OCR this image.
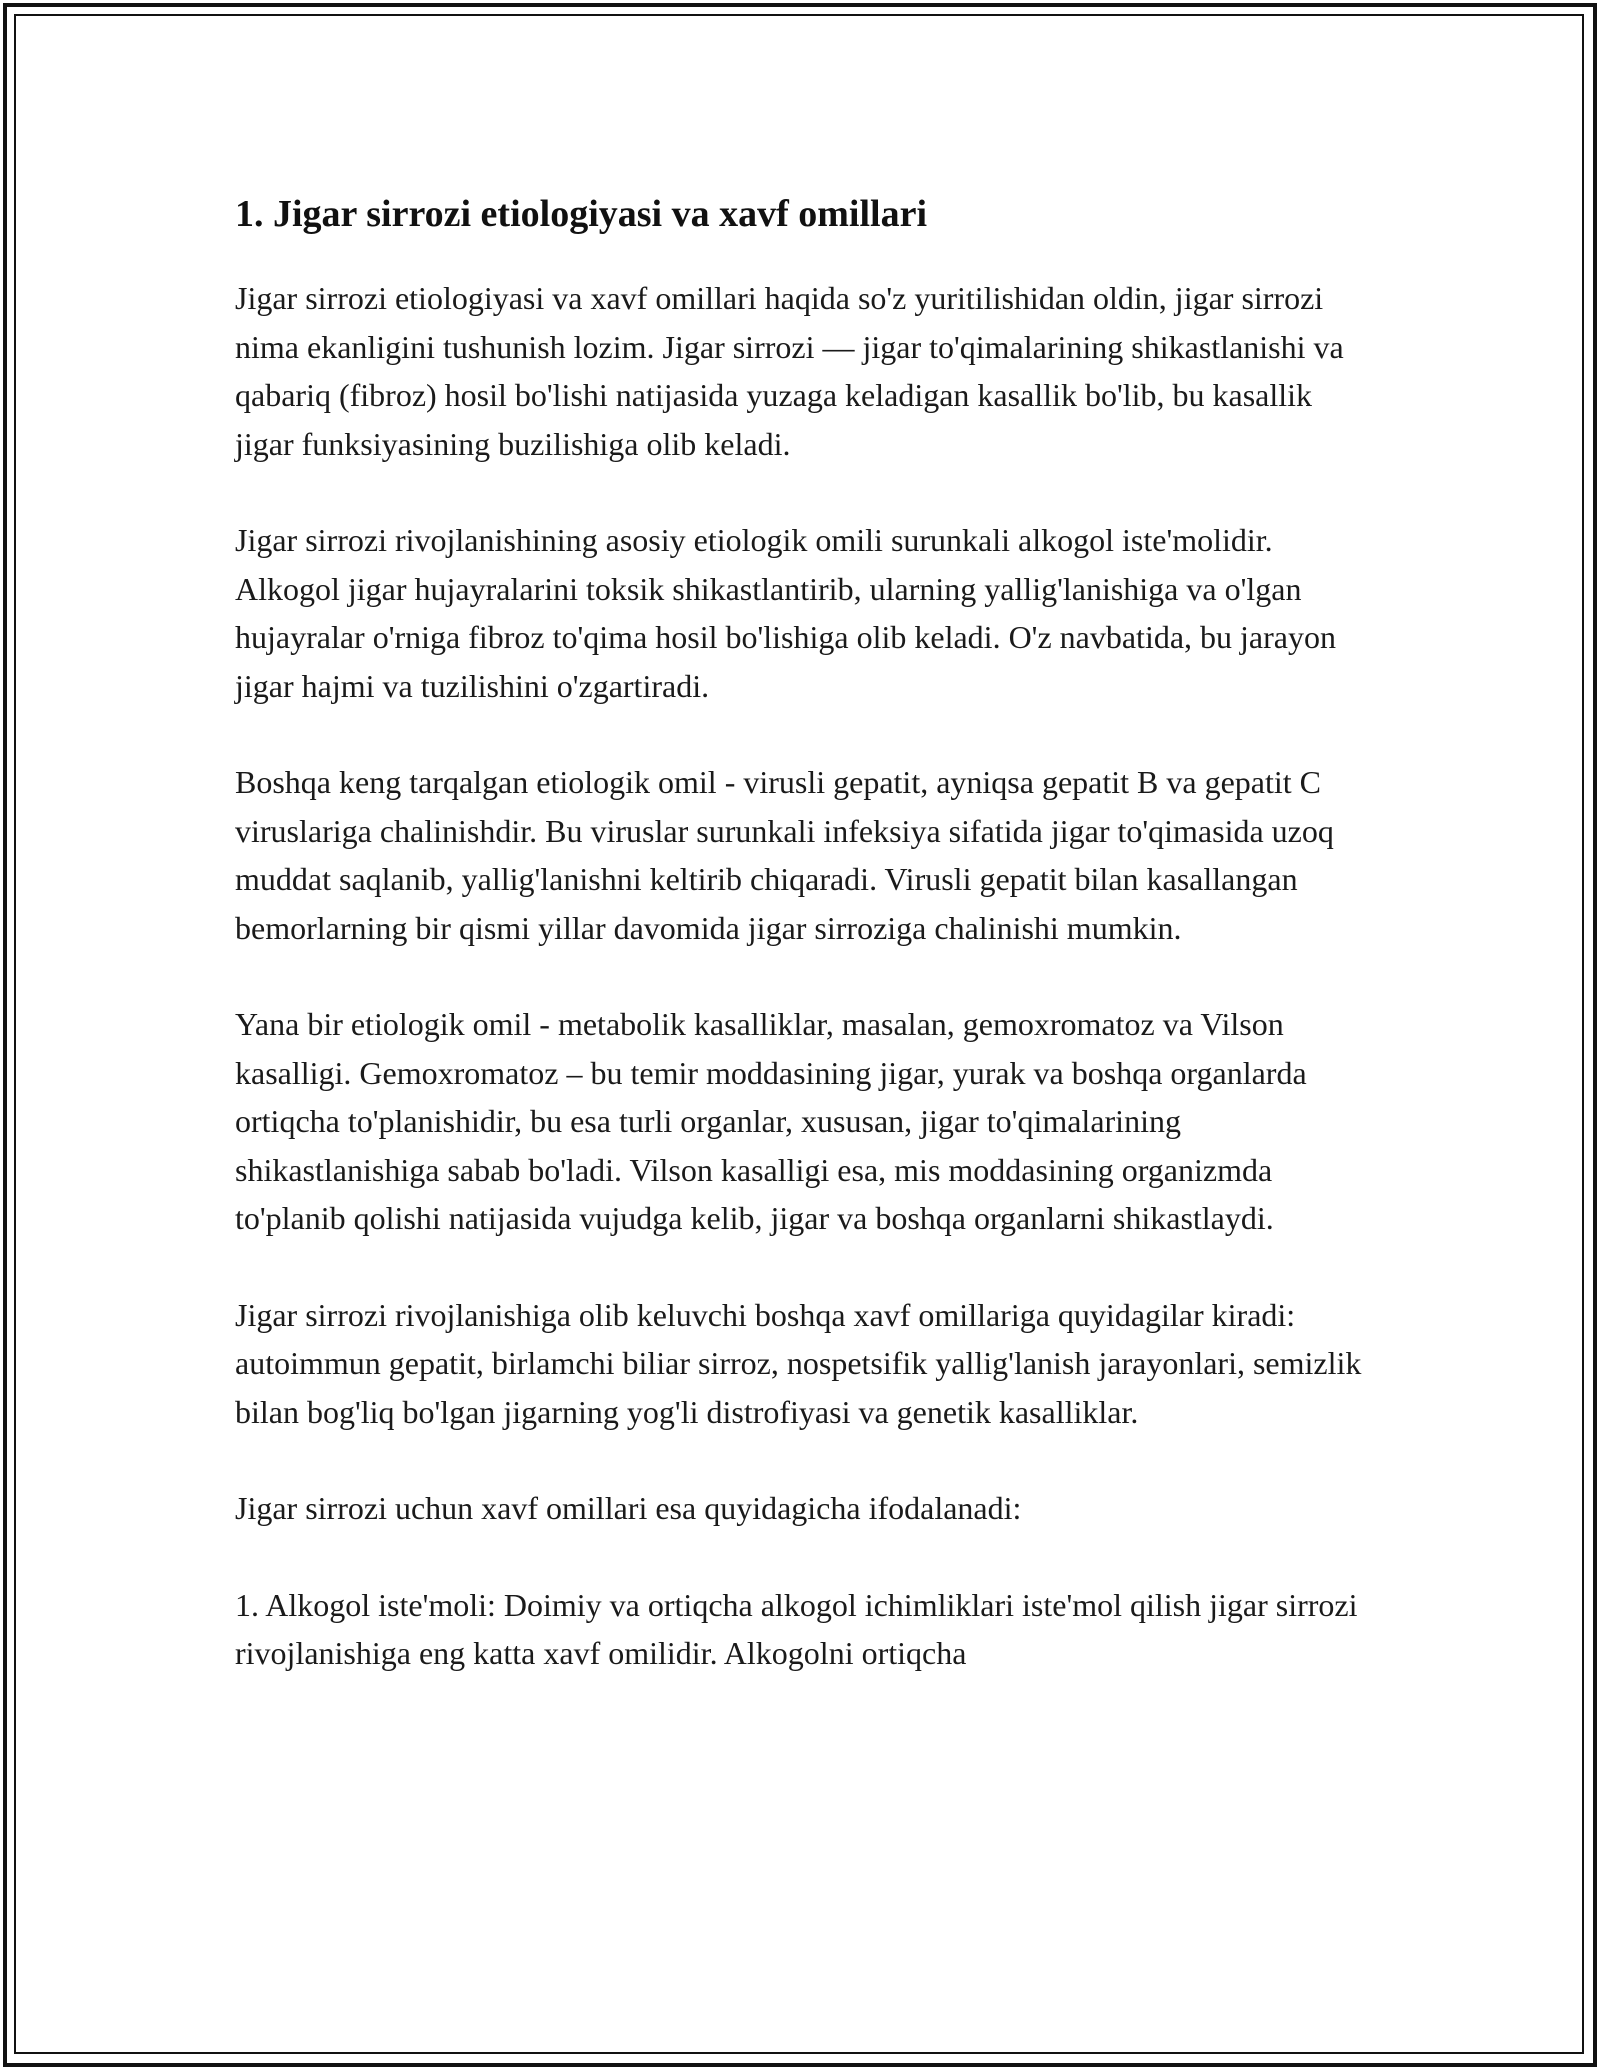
1. Jigar sirrozi etiologiyasi va xavf omillari

Jigar sirrozi etiologiyasi va xavf omillari haqida so'z yuritilishidan oldin, jigar sirrozi nima ekanligini tushunish lozim. Jigar sirrozi — jigar to'qimalarining shikastlanishi va qabariq (fibroz) hosil bo'lishi natijasida yuzaga keladigan kasallik bo'lib, bu kasallik jigar funksiyasining buzilishiga olib keladi.

Jigar sirrozi rivojlanishining asosiy etiologik omili surunkali alkogol iste'molidir. Alkogol jigar hujayralarini toksik shikastlantirib, ularning yallig'lanishiga va o'lgan hujayralar o'rniga fibroz to'qima hosil bo'lishiga olib keladi. O'z navbatida, bu jarayon jigar hajmi va tuzilishini o'zgartiradi.

Boshqa keng tarqalgan etiologik omil - virusli gepatit, ayniqsa gepatit B va gepatit C viruslariga chalinishdir. Bu viruslar surunkali infeksiya sifatida jigar to'qimasida uzoq muddat saqlanib, yallig'lanishni keltirib chiqaradi. Virusli gepatit bilan kasallangan bemorlarning bir qismi yillar davomida jigar sirroziga chalinishi mumkin.

Yana bir etiologik omil - metabolik kasalliklar, masalan, gemoxromatoz va Vilson kasalligi. Gemoxromatoz – bu temir moddasining jigar, yurak va boshqa organlarda ortiqcha to'planishidir, bu esa turli organlar, xususan, jigar to'qimalarining shikastlanishiga sabab bo'ladi. Vilson kasalligi esa, mis moddasining organizmda to'planib qolishi natijasida vujudga kelib, jigar va boshqa organlarni shikastlaydi.

Jigar sirrozi rivojlanishiga olib keluvchi boshqa xavf omillariga quyidagilar kiradi: autoimmun gepatit, birlamchi biliar sirroz, nospetsifik yallig'lanish jarayonlari, semizlik bilan bog'liq bo'lgan jigarning yog'li distrofiyasi va genetik kasalliklar.

Jigar sirrozi uchun xavf omillari esa quyidagicha ifodalanadi:

1. Alkogol iste'moli: Doimiy va ortiqcha alkogol ichimliklari iste'mol qilish jigar sirrozi rivojlanishiga eng katta xavf omilidir. Alkogolni ortiqcha
